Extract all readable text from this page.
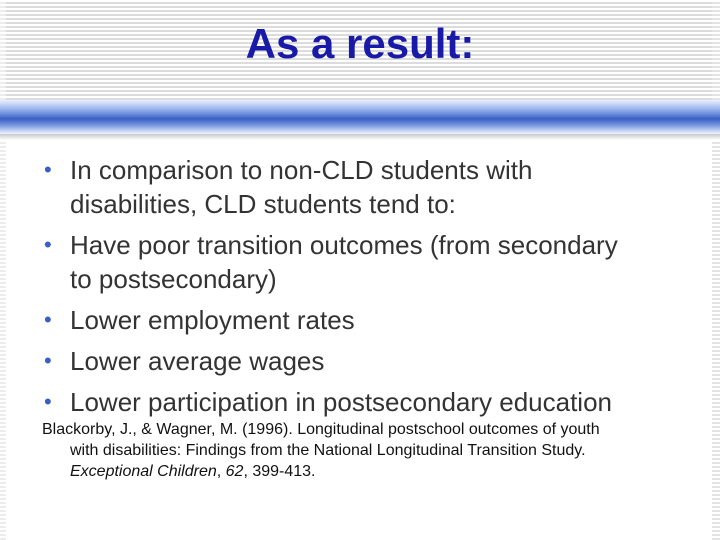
As a result:
• In comparison to non-CLD students with
disabilities, CLD students tend to:
• Have poor transition outcomes (from secondary
to postsecondary)
• Lower employment rates
• Lower average wages
• Lower participation in postsecondary education
Blackorby, J., & Wagner, M. (1996). Longitudinal postschool outcomes of youth
with disabilities: Findings from the National Longitudinal Transition Study.
Exceptional Children, 62, 399-413.
